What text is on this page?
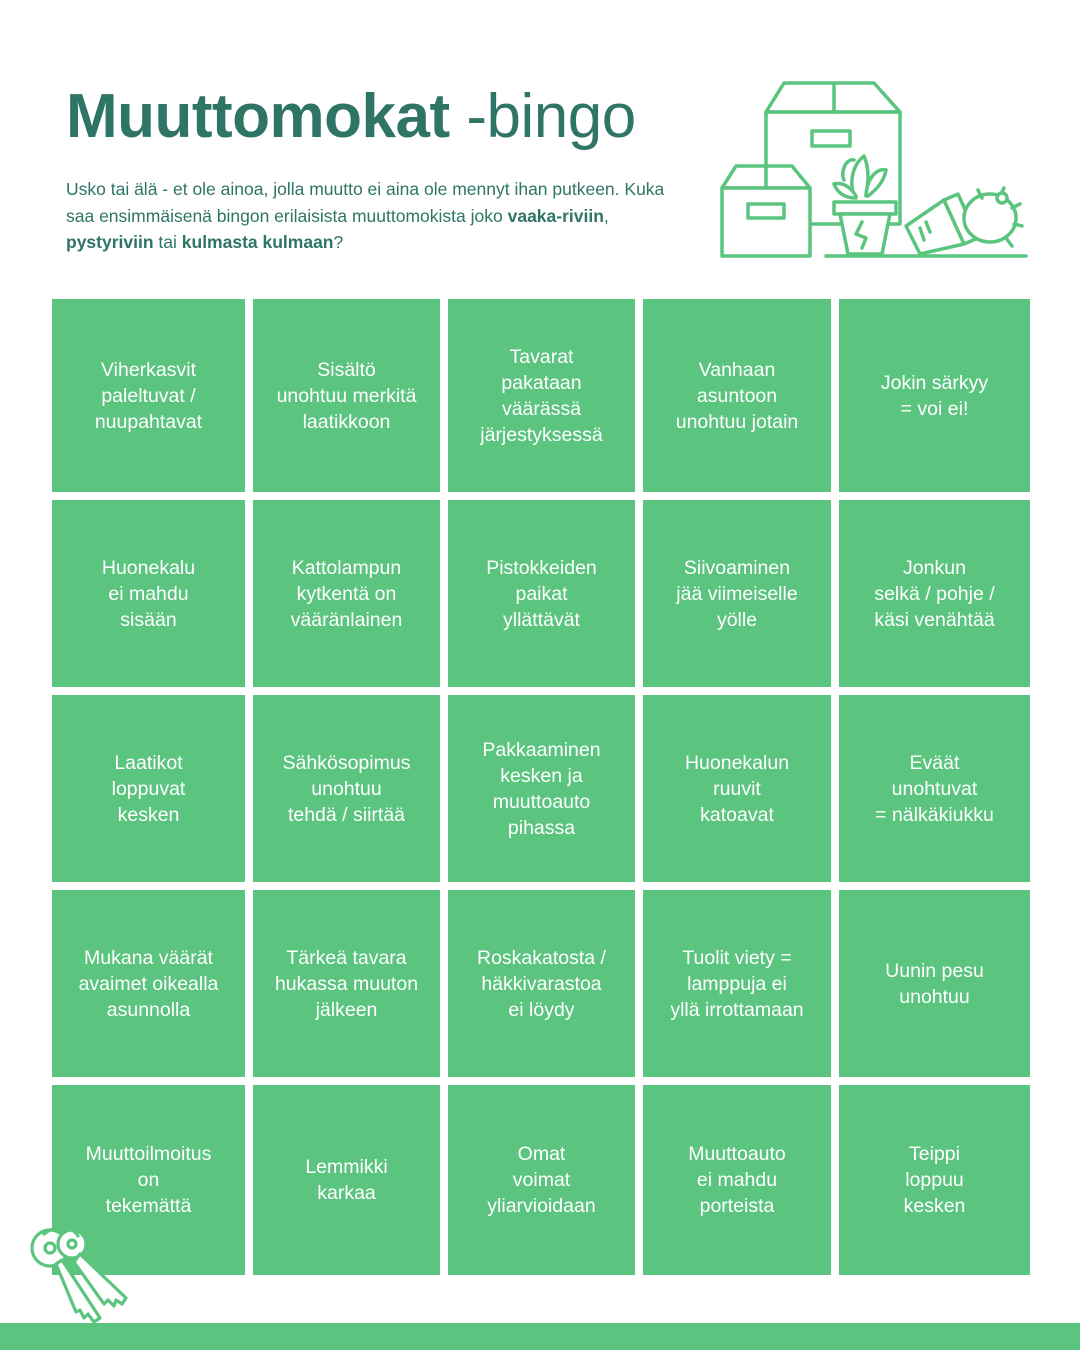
Muuttomokat -bingo

Usko tai älä - et ole ainoa, jolla muutto ei aina ole mennyt ihan putkeen. Kuka saa ensimmäisenä bingon erilaisista muuttomokista joko vaaka-riviin, pystyriviin tai kulmasta kulmaan?

Viherkasvit
paleltuvat /
nuupahtavat
Sisältö
unohtuu merkitä
laatikkoon
Tavarat
pakataan
väärässä
järjestyksessä
Vanhaan
asuntoon
unohtuu jotain
Jokin särkyy
= voi ei!
Huonekalu
ei mahdu
sisään
Kattolampun
kytkentä on
vääränlainen
Pistokkeiden
paikat
yllättävät
Siivoaminen
jää viimeiselle
yölle
Jonkun
selkä / pohje /
käsi venähtää
Laatikot
loppuvat
kesken
Sähkösopimus
unohtuu
tehdä / siirtää
Pakkaaminen
kesken ja
muuttoauto
pihassa
Huonekalun
ruuvit
katoavat
Eväät
unohtuvat
= nälkäkiukku
Mukana väärät
avaimet oikealla
asunnolla
Tärkeä tavara
hukassa muuton
jälkeen
Roskakatosta /
häkkivarastoa
ei löydy
Tuolit viety =
lamppuja ei
yllä irrottamaan
Uunin pesu
unohtuu
Muuttoilmoitus
on
tekemättä
Lemmikki
karkaa
Omat
voimat
yliarvioidaan
Muuttoauto
ei mahdu
porteista
Teippi
loppuu
kesken
